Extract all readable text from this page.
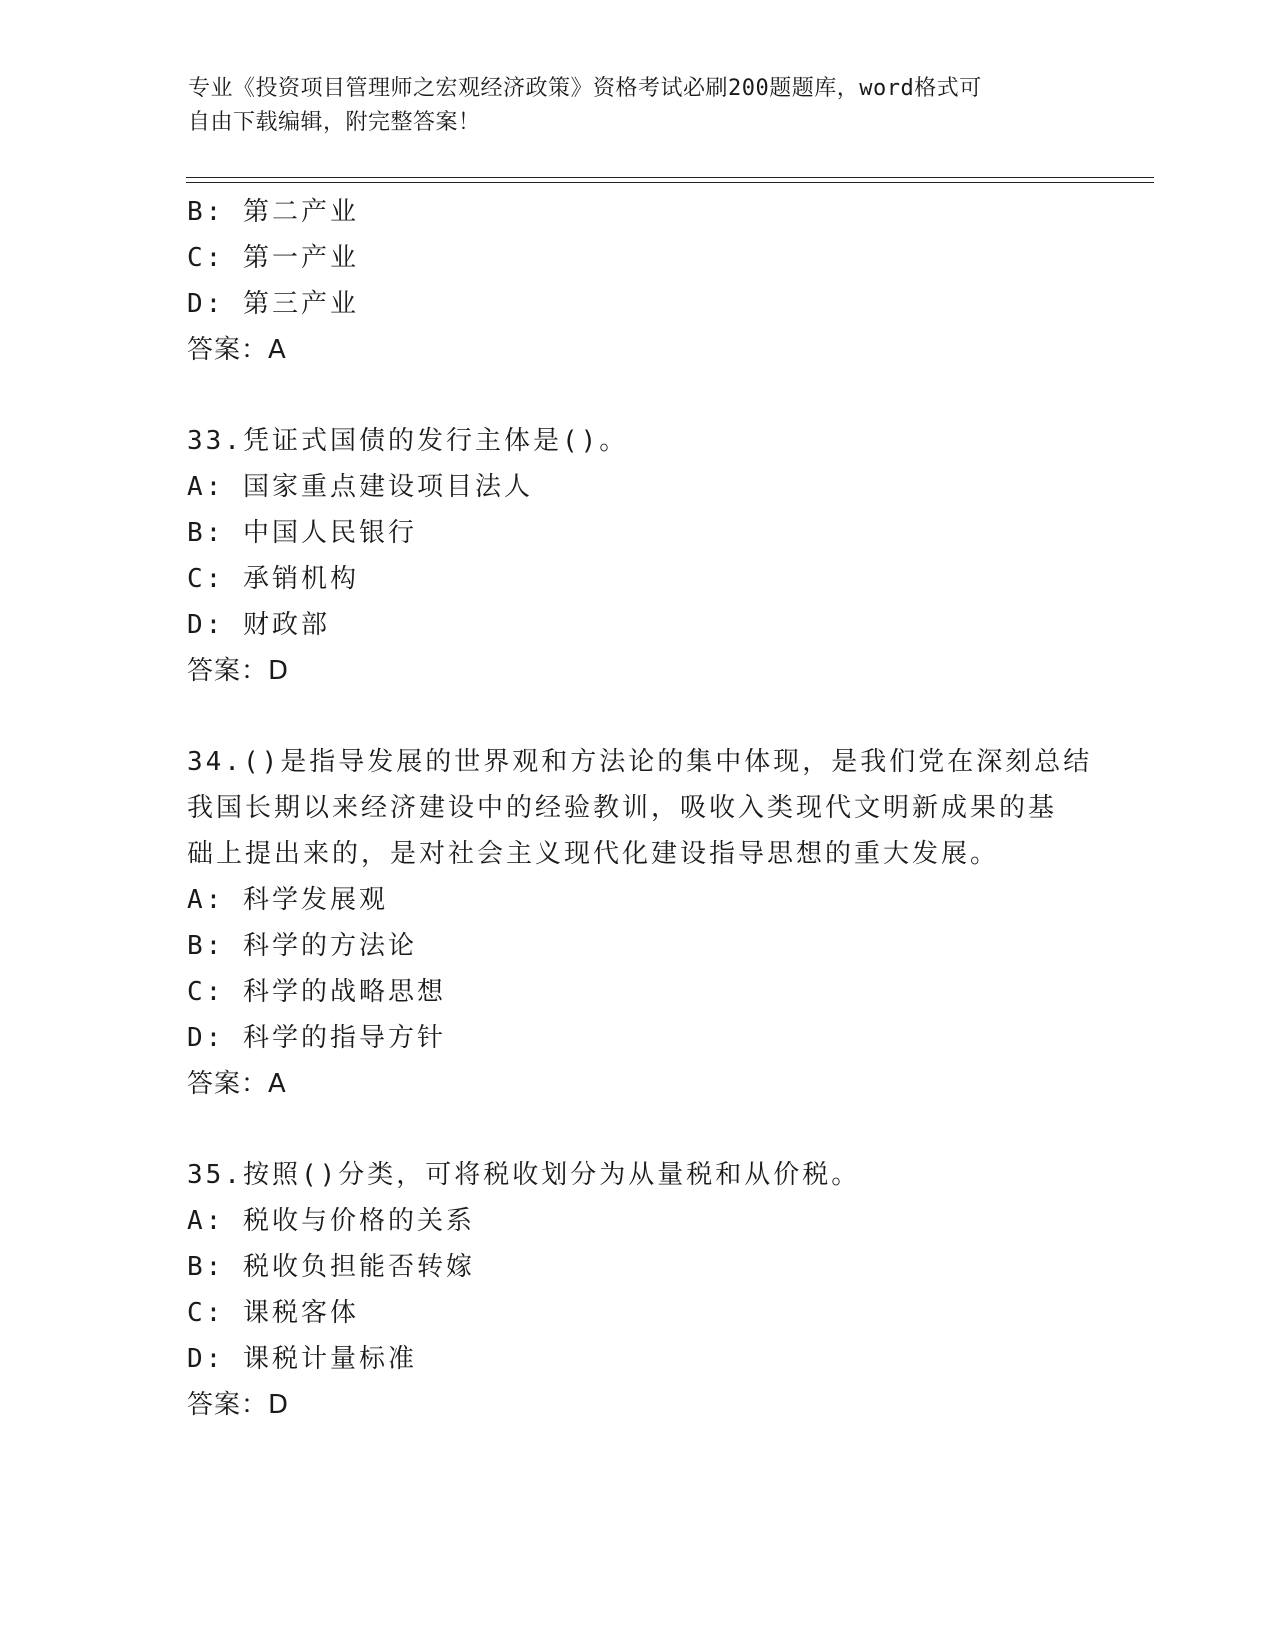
专业《投资项目管理师之宏观经济政策》资格考试必刷200题题库，word格式可
自由下载编辑，附完整答案！
B: 第二产业
C: 第一产业
D: 第三产业
答案：A
33.凭证式国债的发行主体是()。
A: 国家重点建设项目法人
B: 中国人民银行
C: 承销机构
D: 财政部
答案：D
34.()是指导发展的世界观和方法论的集中体现，是我们党在深刻总结
我国长期以来经济建设中的经验教训，吸收入类现代文明新成果的基
础上提出来的，是对社会主义现代化建设指导思想的重大发展。
A: 科学发展观
B: 科学的方法论
C: 科学的战略思想
D: 科学的指导方针
答案：A
35.按照()分类，可将税收划分为从量税和从价税。
A: 税收与价格的关系
B: 税收负担能否转嫁
C: 课税客体
D: 课税计量标准
答案：D
